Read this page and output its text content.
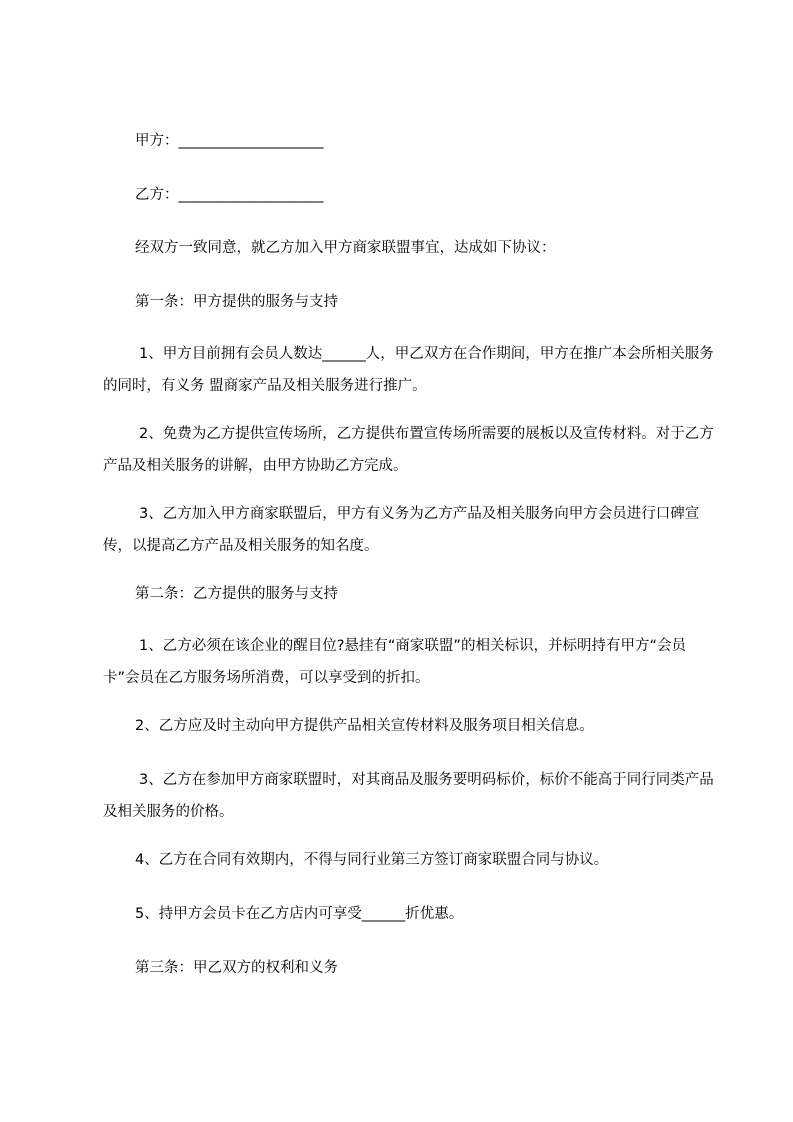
甲方：____________________
乙方：____________________
经双方一致同意，就乙方加入甲方商家联盟事宜，达成如下协议：
第一条：甲方提供的服务与支持
1、甲方目前拥有会员人数达______人，甲乙双方在合作期间，甲方在推广本会所相关服务的同时，有义务 盟商家产品及相关服务进行推广。
2、免费为乙方提供宣传场所，乙方提供布置宣传场所需要的展板以及宣传材料。对于乙方产品及相关服务的讲解，由甲方协助乙方完成。
3、乙方加入甲方商家联盟后，甲方有义务为乙方产品及相关服务向甲方会员进行口碑宣传，以提高乙方产品及相关服务的知名度。
第二条：乙方提供的服务与支持
1、乙方必须在该企业的醒目位?悬挂有“商家联盟”的相关标识，并标明持有甲方“会员卡”会员在乙方服务场所消费，可以享受到的折扣。
2、乙方应及时主动向甲方提供产品相关宣传材料及服务项目相关信息。
3、乙方在参加甲方商家联盟时，对其商品及服务要明码标价，标价不能高于同行同类产品及相关服务的价格。
4、乙方在合同有效期内，不得与同行业第三方签订商家联盟合同与协议。
5、持甲方会员卡在乙方店内可享受______折优惠。
第三条：甲乙双方的权利和义务
